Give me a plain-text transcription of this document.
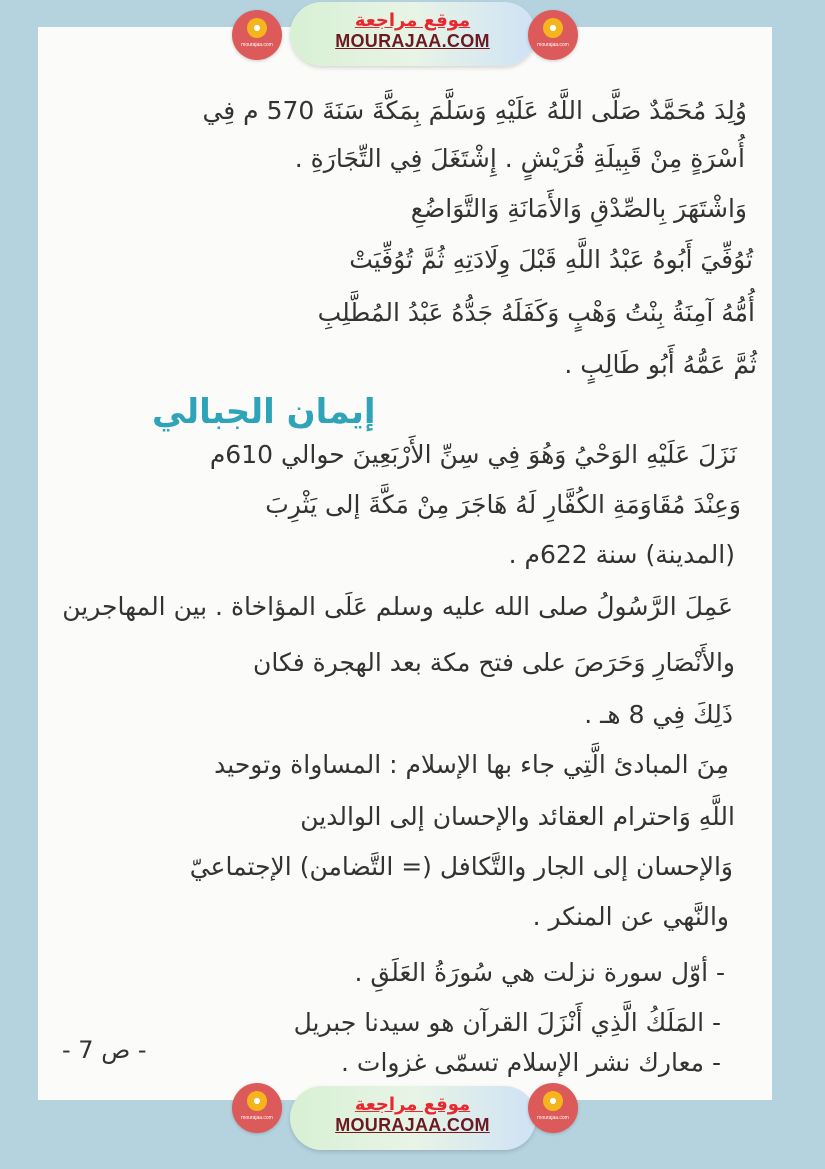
●
mourajaa.com
موقع مراجعة
MOURAJAA.COM
●
mourajaa.com
وُلِدَ مُحَمَّدٌ صَلَّى اللَّهُ عَلَيْهِ وَسَلَّمَ بِمَكَّةَ سَنَةَ 570 م فِي
أُسْرَةٍ مِنْ قَبِيلَةِ قُرَيْشٍ . إِشْتَغَلَ فِي التِّجَارَةِ .
وَاشْتَهَرَ بِالصِّدْقِ وَالأَمَانَةِ وَالتَّوَاضُعِ
تُوُفِّيَ أَبُوهُ عَبْدُ اللَّهِ قَبْلَ وِلَادَتِهِ ثُمَّ تُوُفِّيَتْ
أُمُّهُ آمِنَةُ بِنْتُ وَهْبٍ وَكَفَلَهُ جَدُّهُ عَبْدُ المُطَّلِبِ
ثُمَّ عَمُّهُ أَبُو طَالِبٍ .
إيمان الجبالي
نَزَلَ عَلَيْهِ الوَحْيُ وَهُوَ فِي سِنِّ الأَرْبَعِينَ حوالي 610م
وَعِنْدَ مُقَاوَمَةِ الكُفَّارِ لَهُ هَاجَرَ مِنْ مَكَّةَ إلى يَثْرِبَ
(المدينة) سنة 622م .
عَمِلَ الرَّسُولُ صلى الله عليه وسلم عَلَى المؤاخاة . بين المهاجرين
والأَنْصَارِ وَحَرَصَ على فتح مكة بعد الهجرة فكان
ذَلِكَ فِي 8 هـ .
مِنَ المبادئ الَّتِي جاء بها الإسلام : المساواة وتوحيد
اللَّهِ وَاحترام العقائد والإحسان إلى الوالدين
وَالإحسان إلى الجار والتَّكافل (= التَّضامن) الإجتماعيّ
والنَّهي عن المنكر .
- أوّل سورة نزلت هي سُورَةُ العَلَقِ .
- المَلَكُ الَّذِي أَنْزَلَ القرآن هو سيدنا جبريل
- معارك نشر الإسلام تسمّى غزوات .
- ص 7 -
●
mourajaa.com
موقع مراجعة
MOURAJAA.COM
●
mourajaa.com
